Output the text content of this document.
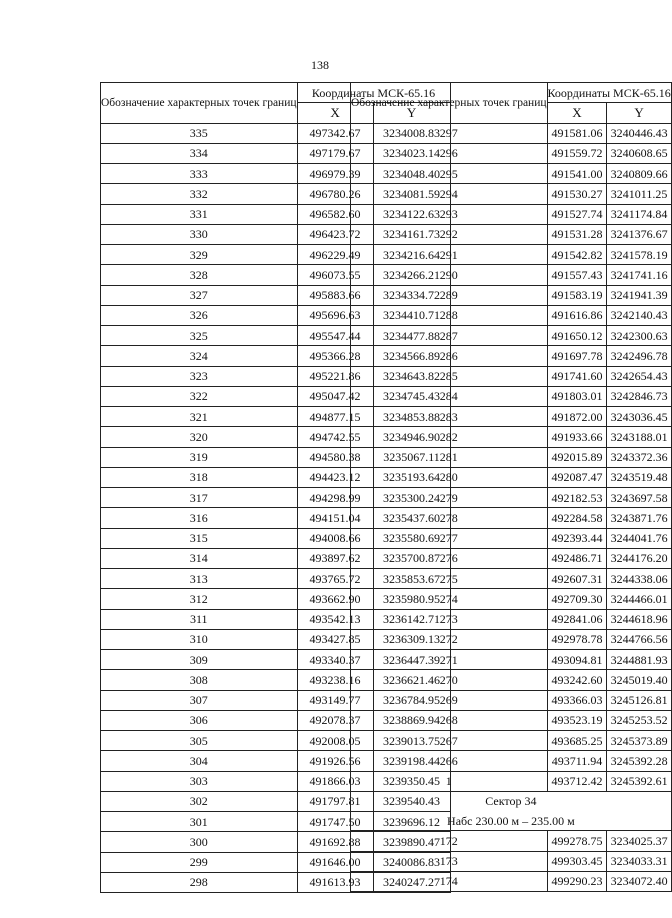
138
Обозначение характерных точек границ	Координаты МСК-65.16	
	X	Y
335	497342.67	3234008.83
334	497179.67	3234023.14
333	496979.39	3234048.40
332	496780.26	3234081.59
331	496582.60	3234122.63
330	496423.72	3234161.73
329	496229.49	3234216.64
328	496073.55	3234266.21
327	495883.66	3234334.72
326	495696.63	3234410.71
325	495547.44	3234477.88
324	495366.28	3234566.89
323	495221.86	3234643.82
322	495047.42	3234745.43
321	494877.15	3234853.88
320	494742.55	3234946.90
319	494580.38	3235067.11
318	494423.12	3235193.64
317	494298.99	3235300.24
316	494151.04	3235437.60
315	494008.66	3235580.69
314	493897.62	3235700.87
313	493765.72	3235853.67
312	493662.90	3235980.95
311	493542.13	3236142.71
310	493427.85	3236309.13
309	493340.37	3236447.39
308	493238.16	3236621.46
307	493149.77	3236784.95
306	492078.37	3238869.94
305	492008.05	3239013.75
304	491926.56	3239198.44
303	491866.03	3239350.45
302	491797.81	3239540.43
301	491747.50	3239696.12
300	491692.88	3239890.47
299	491646.00	3240086.83
298	491613.93	3240247.27
Обозначение характерных точек границ	Координаты МСК-65.16	
	X	Y
297	491581.06	3240446.43
296	491559.72	3240608.65
295	491541.00	3240809.66
294	491530.27	3241011.25
293	491527.74	3241174.84
292	491531.28	3241376.67
291	491542.82	3241578.19
290	491557.43	3241741.16
289	491583.19	3241941.39
288	491616.86	3242140.43
287	491650.12	3242300.63
286	491697.78	3242496.78
285	491741.60	3242654.43
284	491803.01	3242846.73
283	491872.00	3243036.45
282	491933.66	3243188.01
281	492015.89	3243372.36
280	492087.47	3243519.48
279	492182.53	3243697.58
278	492284.58	3243871.76
277	492393.44	3244041.76
276	492486.71	3244176.20
275	492607.31	3244338.06
274	492709.30	3244466.01
273	492841.06	3244618.96
272	492978.78	3244766.56
271	493094.81	3244881.93
270	493242.60	3245019.40
269	493366.03	3245126.81
268	493523.19	3245253.52
267	493685.25	3245373.89
266	493711.94	3245392.28
1	493712.42	3245392.61
Сектор 34		
Набс 230.00 м – 235.00 м		
172	499278.75	3234025.37
173	499303.45	3234033.31
174	499290.23	3234072.40
